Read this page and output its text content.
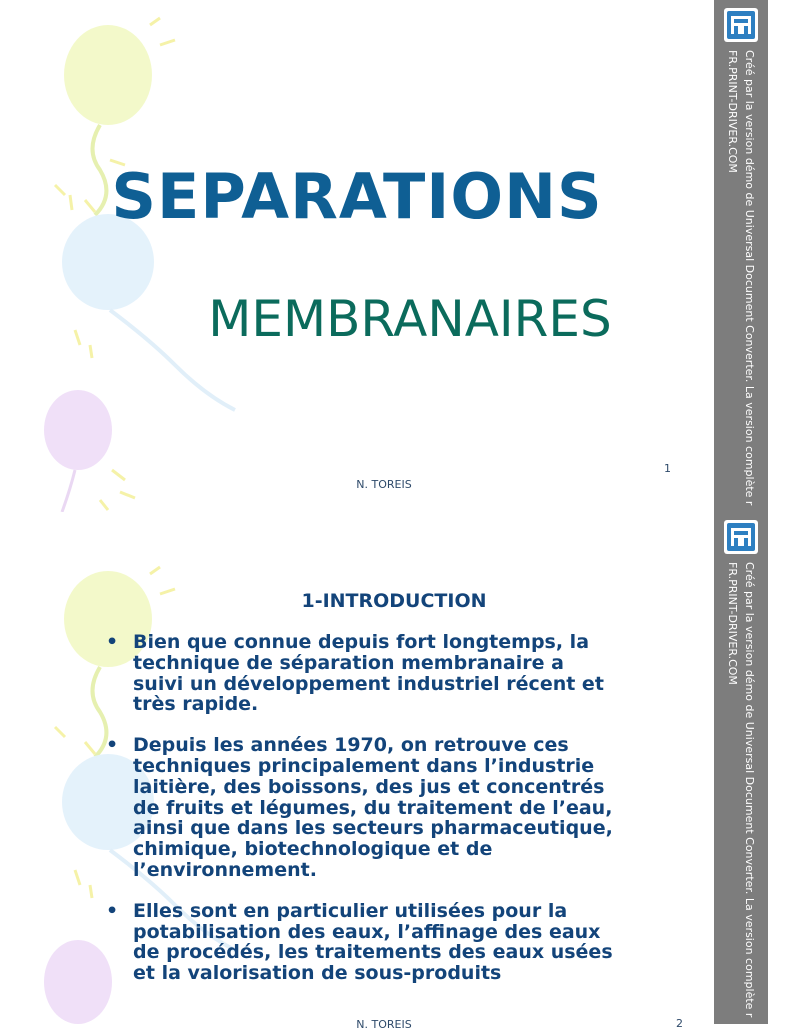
SEPARATIONS
MEMBRANAIRES
1
N. TOREIS
1-INTRODUCTION
• Bien que connue depuis fort longtemps, la
technique de séparation membranaire a
suivi un développement industriel récent et
très rapide.
• Depuis les années 1970, on retrouve ces
techniques principalement dans l’industrie
laitière, des boissons, des jus et concentrés
de fruits et légumes, du traitement de l’eau,
ainsi que dans les secteurs pharmaceutique,
chimique, biotechnologique et de
l’environnement.
• Elles sont en particulier utilisées pour la
potabilisation des eaux, l’affinage des eaux
de procédés, les traitements des eaux usées
et la valorisation de sous-produits
N. TOREIS	2
Créé par la version démo de Universal Document Converter. La version complète r
FR.PRINT-DRIVER.COM
Créé par la version démo de Universal Document Converter. La version complète r
FR.PRINT-DRIVER.COM
